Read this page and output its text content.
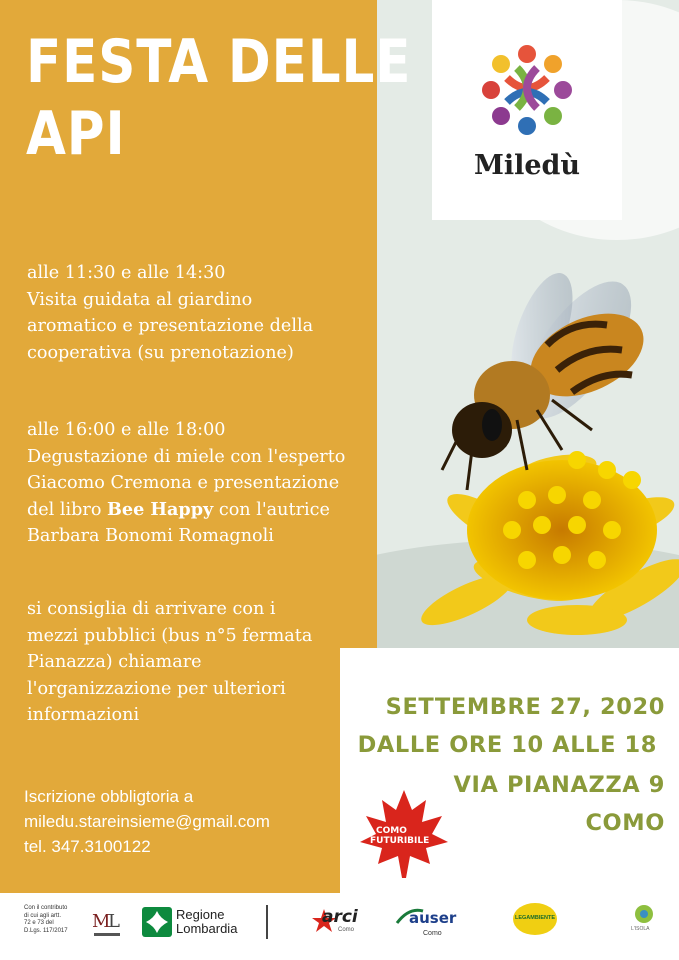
Miledù
FESTA DELLE
API
alle 11:30 e alle 14:30
Visita guidata al giardino
aromatico e presentazione della
cooperativa (su prenotazione)
alle 16:00 e alle 18:00
Degustazione di miele con l'esperto
Giacomo Cremona e presentazione
del libro Bee Happy con l'autrice
Barbara Bonomi Romagnoli
si consiglia di arrivare con i
mezzi pubblici (bus n°5 fermata
Pianazza) chiamare
l'organizzazione per ulteriori
informazioni
Iscrizione obbligtoria a
miledu.stareinsieme@gmail.com
tel. 347.3100122
SETTEMBRE 27, 2020
DALLE ORE 10 ALLE 18
VIA PIANAZZA 9
COMO
COMO
FUTURIBILE
Con il contributo
di cui agli artt.
72 e 73 del
D.Lgs. 117/2017 M
L	Regione
Lombardia
arci
Como
auser
Como
LEGAMBIENTE
L'ISOLA
